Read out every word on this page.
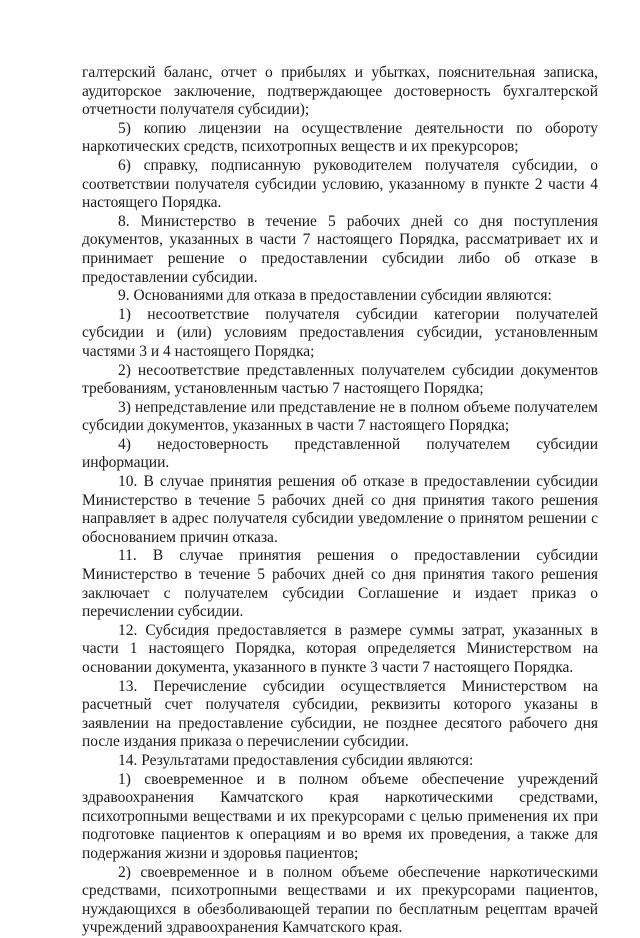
галтерский баланс, отчет о прибылях и убытках, пояснительная записка, аудиторское заключение, подтверждающее достоверность бухгалтерской отчетности получателя субсидии);

5) копию лицензии на осуществление деятельности по обороту наркотических средств, психотропных веществ и их прекурсоров;

6) справку, подписанную руководителем получателя субсидии, о соответствии получателя субсидии условию, указанному в пункте 2 части 4 настоящего Порядка.

8. Министерство в течение 5 рабочих дней со дня поступления документов, указанных в части 7 настоящего Порядка, рассматривает их и принимает решение о предоставлении субсидии либо об отказе в предоставлении субсидии.

9. Основаниями для отказа в предоставлении субсидии являются:

1) несоответствие получателя субсидии категории получателей субсидии и (или) условиям предоставления субсидии, установленным частями 3 и 4 настоящего Порядка;

2) несоответствие представленных получателем субсидии документов требованиям, установленным частью 7 настоящего Порядка;

3) непредставление или представление не в полном объеме получателем субсидии документов, указанных в части 7 настоящего Порядка;

4) недостоверность представленной получателем субсидии информации.

10. В случае принятия решения об отказе в предоставлении субсидии Министерство в течение 5 рабочих дней со дня принятия такого решения направляет в адрес получателя субсидии уведомление о принятом решении с обоснованием причин отказа.

11. В случае принятия решения о предоставлении субсидии Министерство в течение 5 рабочих дней со дня принятия такого решения заключает с получателем субсидии Соглашение и издает приказ о перечислении субсидии.

12. Субсидия предоставляется в размере суммы затрат, указанных в части 1 настоящего Порядка, которая определяется Министерством на основании документа, указанного в пункте 3 части 7 настоящего Порядка.

13. Перечисление субсидии осуществляется Министерством на расчетный счет получателя субсидии, реквизиты которого указаны в заявлении на предоставление субсидии, не позднее десятого рабочего дня после издания приказа о перечислении субсидии.

14. Результатами предоставления субсидии являются:

1) своевременное и в полном объеме обеспечение учреждений здравоохранения Камчатского края наркотическими средствами, психотропными веществами и их прекурсорами с целью применения их при подготовке пациентов к операциям и во время их проведения, а также для подержания жизни и здоровья пациентов;

2) своевременное и в полном объеме обеспечение наркотическими средствами, психотропными веществами и их прекурсорами пациентов, нуждающихся в обезболивающей терапии по бесплатным рецептам врачей учреждений здравоохранения Камчатского края.
